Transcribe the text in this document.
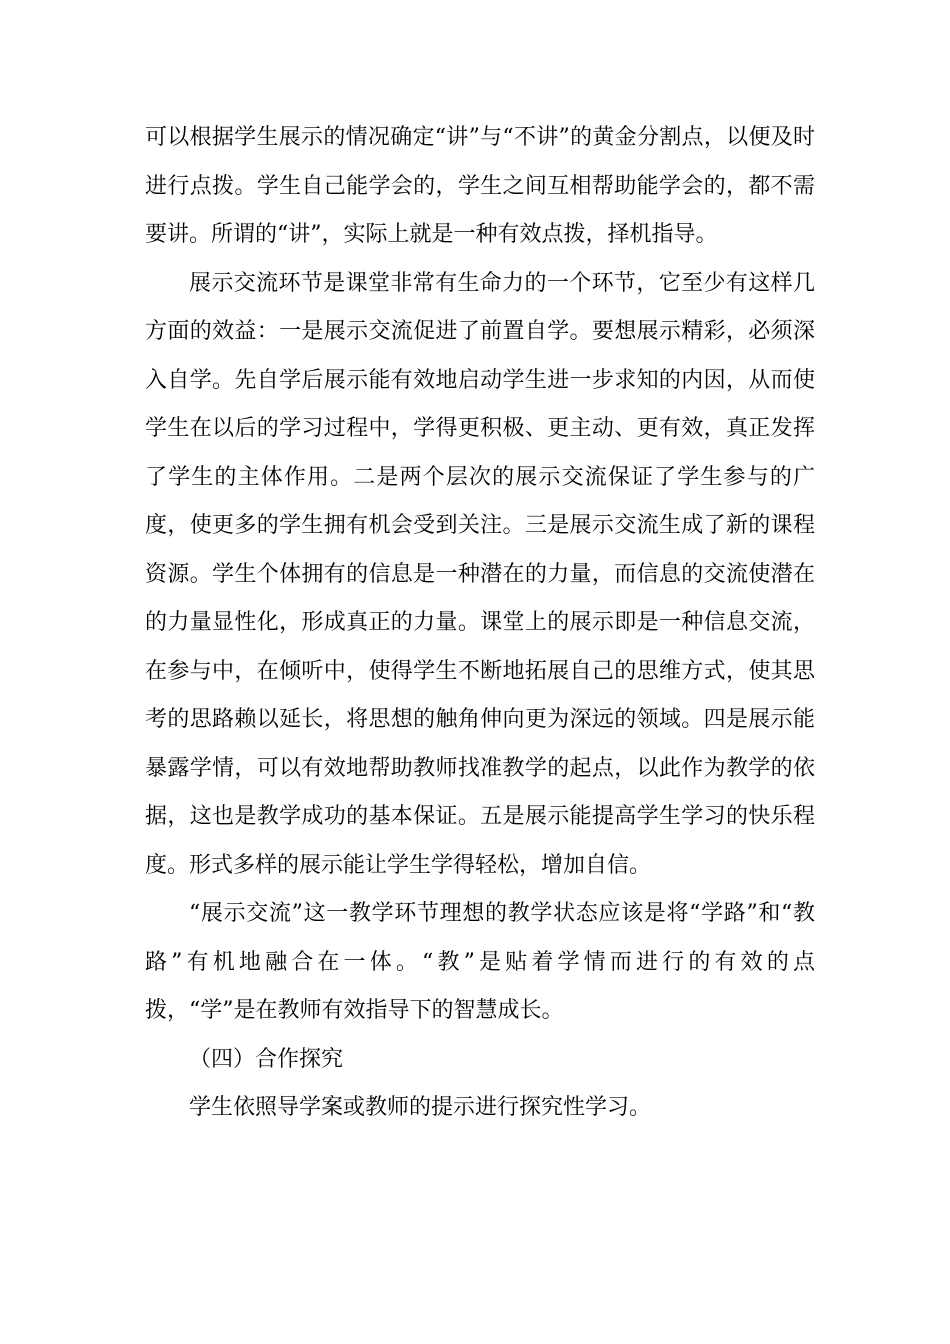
可以根据学生展示的情况确定“讲”与“不讲”的黄金分割点，以便及时进行点拨。学生自己能学会的，学生之间互相帮助能学会的，都不需要讲。所谓的“讲”，实际上就是一种有效点拨，择机指导。

展示交流环节是课堂非常有生命力的一个环节，它至少有这样几方面的效益：一是展示交流促进了前置自学。要想展示精彩，必须深入自学。先自学后展示能有效地启动学生进一步求知的内因，从而使学生在以后的学习过程中，学得更积极、更主动、更有效，真正发挥了学生的主体作用。二是两个层次的展示交流保证了学生参与的广度，使更多的学生拥有机会受到关注。三是展示交流生成了新的课程资源。学生个体拥有的信息是一种潜在的力量，而信息的交流使潜在的力量显性化，形成真正的力量。课堂上的展示即是一种信息交流，在参与中，在倾听中，使得学生不断地拓展自己的思维方式，使其思考的思路赖以延长，将思想的触角伸向更为深远的领域。四是展示能暴露学情，可以有效地帮助教师找准教学的起点，以此作为教学的依据，这也是教学成功的基本保证。五是展示能提高学生学习的快乐程度。形式多样的展示能让学生学得轻松，增加自信。

“展示交流”这一教学环节理想的教学状态应该是将“学路”和“教路”有机地融合在一体。“教”是贴着学情而进行的有效的点拨，“学”是在教师有效指导下的智慧成长。

（四）合作探究

学生依照导学案或教师的提示进行探究性学习。
